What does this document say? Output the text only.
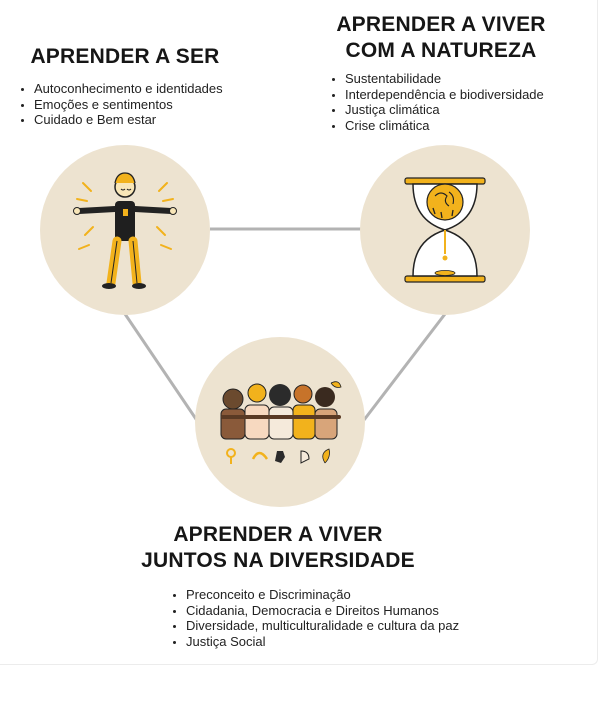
APRENDER A SER
• Autoconhecimento e identidades
• Emoções e sentimentos
• Cuidado e Bem estar
APRENDER A VIVER
COM A NATUREZA
• Sustentabilidade
• Interdependência e biodiversidade
• Justiça climática
• Crise climática
APRENDER A VIVER
JUNTOS NA DIVERSIDADE
• Preconceito e Discriminação
• Cidadania, Democracia e Direitos Humanos
• Diversidade, multiculturalidade e cultura da paz
• Justiça Social
